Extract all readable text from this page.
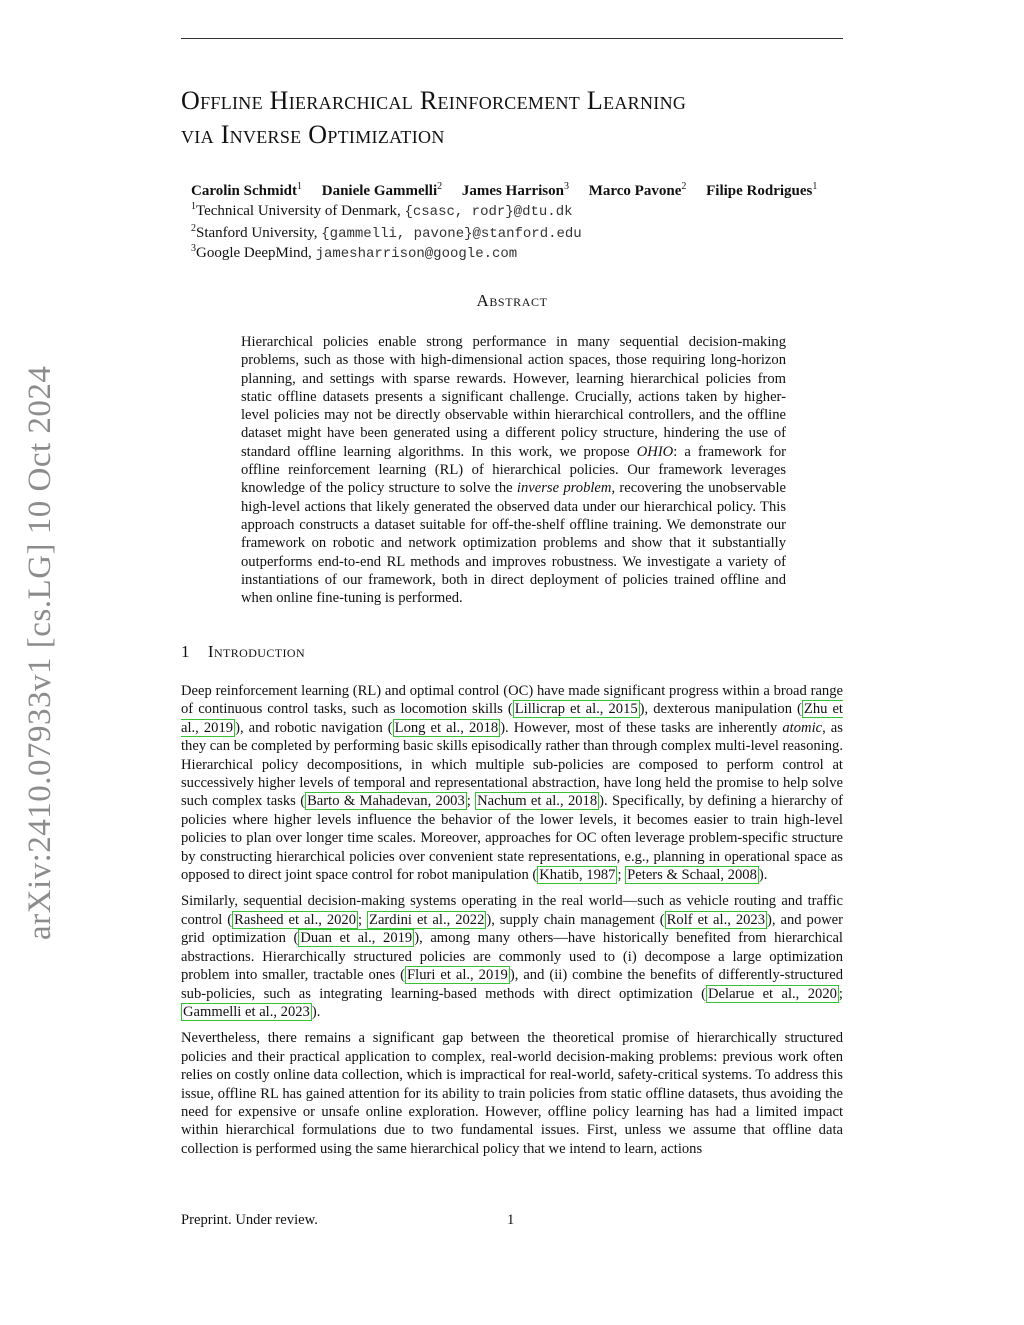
arXiv:2410.07933v1 [cs.LG] 10 Oct 2024
Offline Hierarchical Reinforcement Learning
via Inverse Optimization
Carolin Schmidt$^1$ Daniele Gammelli$^2$ James Harrison$^3$ Marco Pavone$^2$ Filipe Rodrigues$^1$
$^1$Technical University of Denmark, {csasc, rodr}@dtu.dk
$^2$Stanford University, {gammelli, pavone}@stanford.edu
$^3$Google DeepMind, jamesharrison@google.com
Abstract
Hierarchical policies enable strong performance in many sequential decision-making problems, such as those with high-dimensional action spaces, those requiring long-horizon planning, and settings with sparse rewards. However, learning hierarchical policies from static offline datasets presents a significant challenge. Crucially, actions taken by higher-level policies may not be directly observable within hierarchical controllers, and the offline dataset might have been generated using a different policy structure, hindering the use of standard offline learning algorithms. In this work, we propose OHIO: a framework for offline reinforcement learning (RL) of hierarchical policies. Our framework leverages knowledge of the policy structure to solve the inverse problem, recovering the unobservable high-level actions that likely generated the observed data under our hierarchical policy. This approach constructs a dataset suitable for off-the-shelf offline training. We demonstrate our framework on robotic and network optimization problems and show that it substantially outperforms end-to-end RL methods and improves robustness. We investigate a variety of instantiations of our framework, both in direct deployment of policies trained offline and when online fine-tuning is performed.
1 Introduction

Deep reinforcement learning (RL) and optimal control (OC) have made significant progress within a broad range of continuous control tasks, such as locomotion skills ( Lillicrap et al., 2015 ), dexterous manipulation ( Zhu et al., 2019 ), and robotic navigation ( Long et al., 2018 ). However, most of these tasks are inherently atomic, as they can be completed by performing basic skills episodically rather than through complex multi-level reasoning. Hierarchical policy decompositions, in which multiple sub-policies are composed to perform control at successively higher levels of temporal and representational abstraction, have long held the promise to help solve such complex tasks ( Barto & Mahadevan, 2003 ; Nachum et al., 2018 ). Specifically, by defining a hierarchy of policies where higher levels influence the behavior of the lower levels, it becomes easier to train high-level policies to plan over longer time scales. Moreover, approaches for OC often leverage problem-specific structure by constructing hierarchical policies over convenient state representations, e.g., planning in operational space as opposed to direct joint space control for robot manipulation ( Khatib, 1987 ; Peters & Schaal, 2008 ).

Similarly, sequential decision-making systems operating in the real world—such as vehicle routing and traffic control ( Rasheed et al., 2020 ; Zardini et al., 2022 ), supply chain management ( Rolf et al., 2023 ), and power grid optimization ( Duan et al., 2019 ), among many others—have historically benefited from hierarchical abstractions. Hierarchically structured policies are commonly used to (i) decompose a large optimization problem into smaller, tractable ones ( Fluri et al., 2019 ), and (ii) combine the benefits of differently-structured sub-policies, such as integrating learning-based methods with direct optimization ( Delarue et al., 2020 ; Gammelli et al., 2023 ).

Nevertheless, there remains a significant gap between the theoretical promise of hierarchically structured policies and their practical application to complex, real-world decision-making problems: previous work often relies on costly online data collection, which is impractical for real-world, safety-critical systems. To address this issue, offline RL has gained attention for its ability to train policies from static offline datasets, thus avoiding the need for expensive or unsafe online exploration. However, offline policy learning has had a limited impact within hierarchical formulations due to two fundamental issues. First, unless we assume that offline data collection is performed using the same hierarchical policy that we intend to learn, actions

Preprint. Under review.	1
